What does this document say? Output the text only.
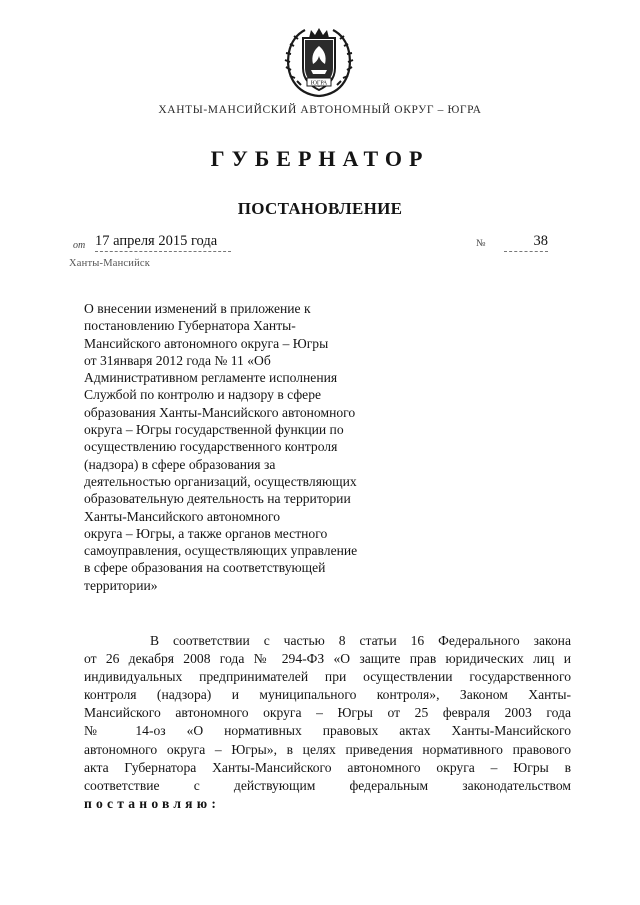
ЮГРА
ХАНТЫ-МАНСИЙСКИЙ АВТОНОМНЫЙ ОКРУГ – ЮГРА
ГУБЕРНАТОР
ПОСТАНОВЛЕНИЕ
от 17 апреля 2015 года	№	38
Ханты-Мансийск
О внесении изменений в приложение к
постановлению Губернатора Ханты-
Мансийского автономного округа – Югры
от 31января 2012 года № 11 «Об
Административном регламенте исполнения
Службой по контролю и надзору в сфере
образования Ханты-Мансийского автономного
округа – Югры государственной функции по
осуществлению государственного контроля
(надзора) в сфере образования за
деятельностью организаций, осуществляющих
образовательную деятельность на территории
Ханты-Мансийского автономного
округа – Югры, а также органов местного
самоуправления, осуществляющих управление
в сфере образования на соответствующей
территории»
В соответствии с частью 8 статьи 16 Федерального закона
от 26 декабря 2008 года № 294-ФЗ «О защите прав юридических лиц и
индивидуальных предпринимателей при осуществлении государственного
контроля (надзора) и муниципального контроля», Законом Ханты-
Мансийского автономного округа – Югры от 25 февраля 2003 года
№ 14-оз «О нормативных правовых актах Ханты-Мансийского
автономного округа – Югры», в целях приведения нормативного правового
акта Губернатора Ханты-Мансийского автономного округа – Югры в
соответствие с действующим федеральным законодательством
постановляю:
